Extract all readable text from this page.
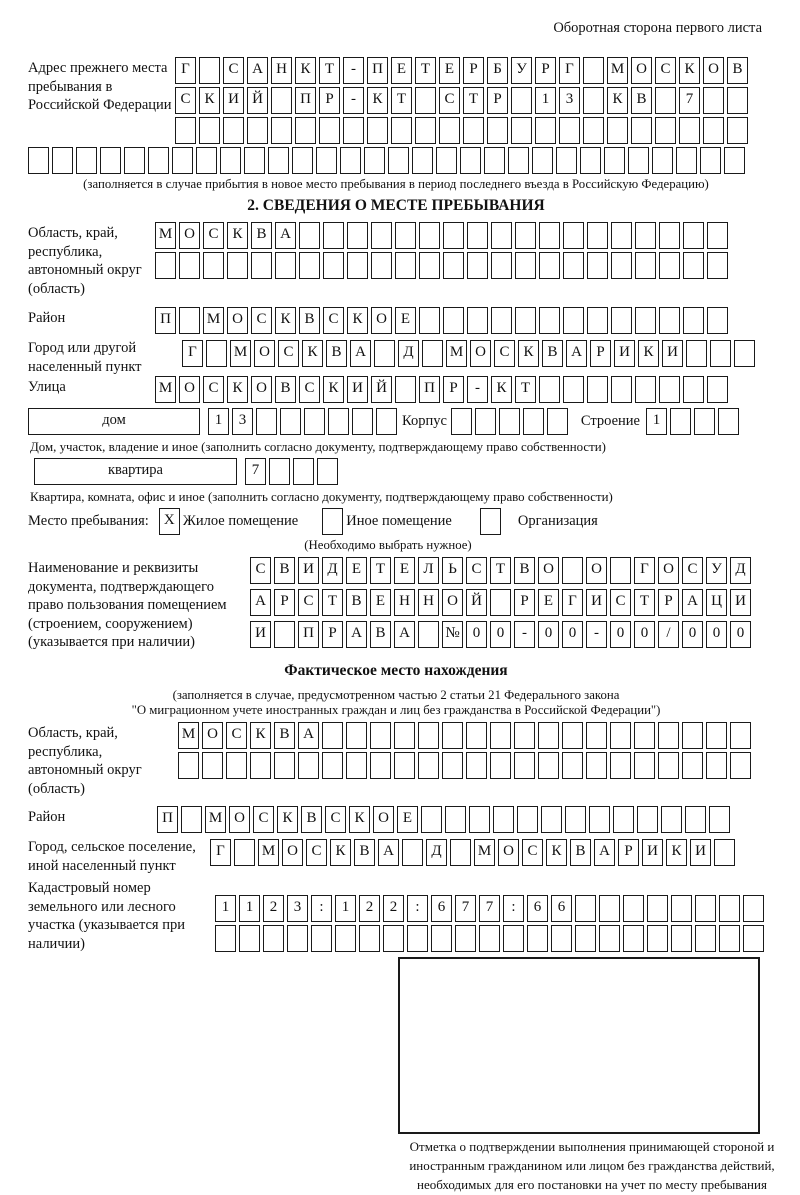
Оборотная сторона первого листа
Адрес прежнего места пребывания в Российской Федерации
Г	С А Н К Т - П Е Т Е Р Б У Р Г М О С К О В
С К И Й П Р - К Т	С Т Р	1 3	К В	7
(заполняется в случае прибытия в новое место пребывания в период последнего въезда в Российскую Федерацию)
2. СВЕДЕНИЯ О МЕСТЕ ПРЕБЫВАНИЯ
Область, край, республика, автономный округ (область)
М О С К В А
Район	П М О С К В С К О Е
Город или другой населенный пункт
Г М О С К В А Д М О С К В А Р И К И
Улица	М О С К О В С К И Й П Р - К Т
дом	1 3	Корпус	Строение 1
Дом, участок, владение и иное (заполнить согласно документу, подтверждающему право собственности)
квартира	7
Квартира, комната, офис и иное (заполнить согласно документу, подтверждающему право собственности)
Место пребывания:	X Жилое помещение	Иное помещение	Организация
(Необходимо выбрать нужное)
Наименование и реквизиты документа, подтверждающего право пользования помещением (строением, сооружением) (указывается при наличии)
С В И Д Е Т Е Л Ь С Т В О О	Г О С У Д
А Р С Т В Е Н Н О Й	Р Е Г И С Т Р А Ц И
И П Р А В А № 0 0 - 0 0 - 0 0 / 0 0 0
Фактическое место нахождения
(заполняется в случае, предусмотренном частью 2 статьи 21 Федерального закона
"О миграционном учете иностранных граждан и лиц без гражданства в Российской Федерации")
Область, край, республика, автономный округ (область)
М О С К В А
Район	П М О С К В С К О Е
Город, сельское поселение, иной населенный пункт
Г М О С К В А Д М О С К В А Р И К И
Кадастровый номер земельного или лесного участка (указывается при наличии)
1 1 2 3 : 1 2 2 : 6 7 7 : 6 6
Отметка о подтверждении выполнения принимающей стороной и иностранным гражданином или лицом без гражданства действий, необходимых для его постановки на учет по месту пребывания
